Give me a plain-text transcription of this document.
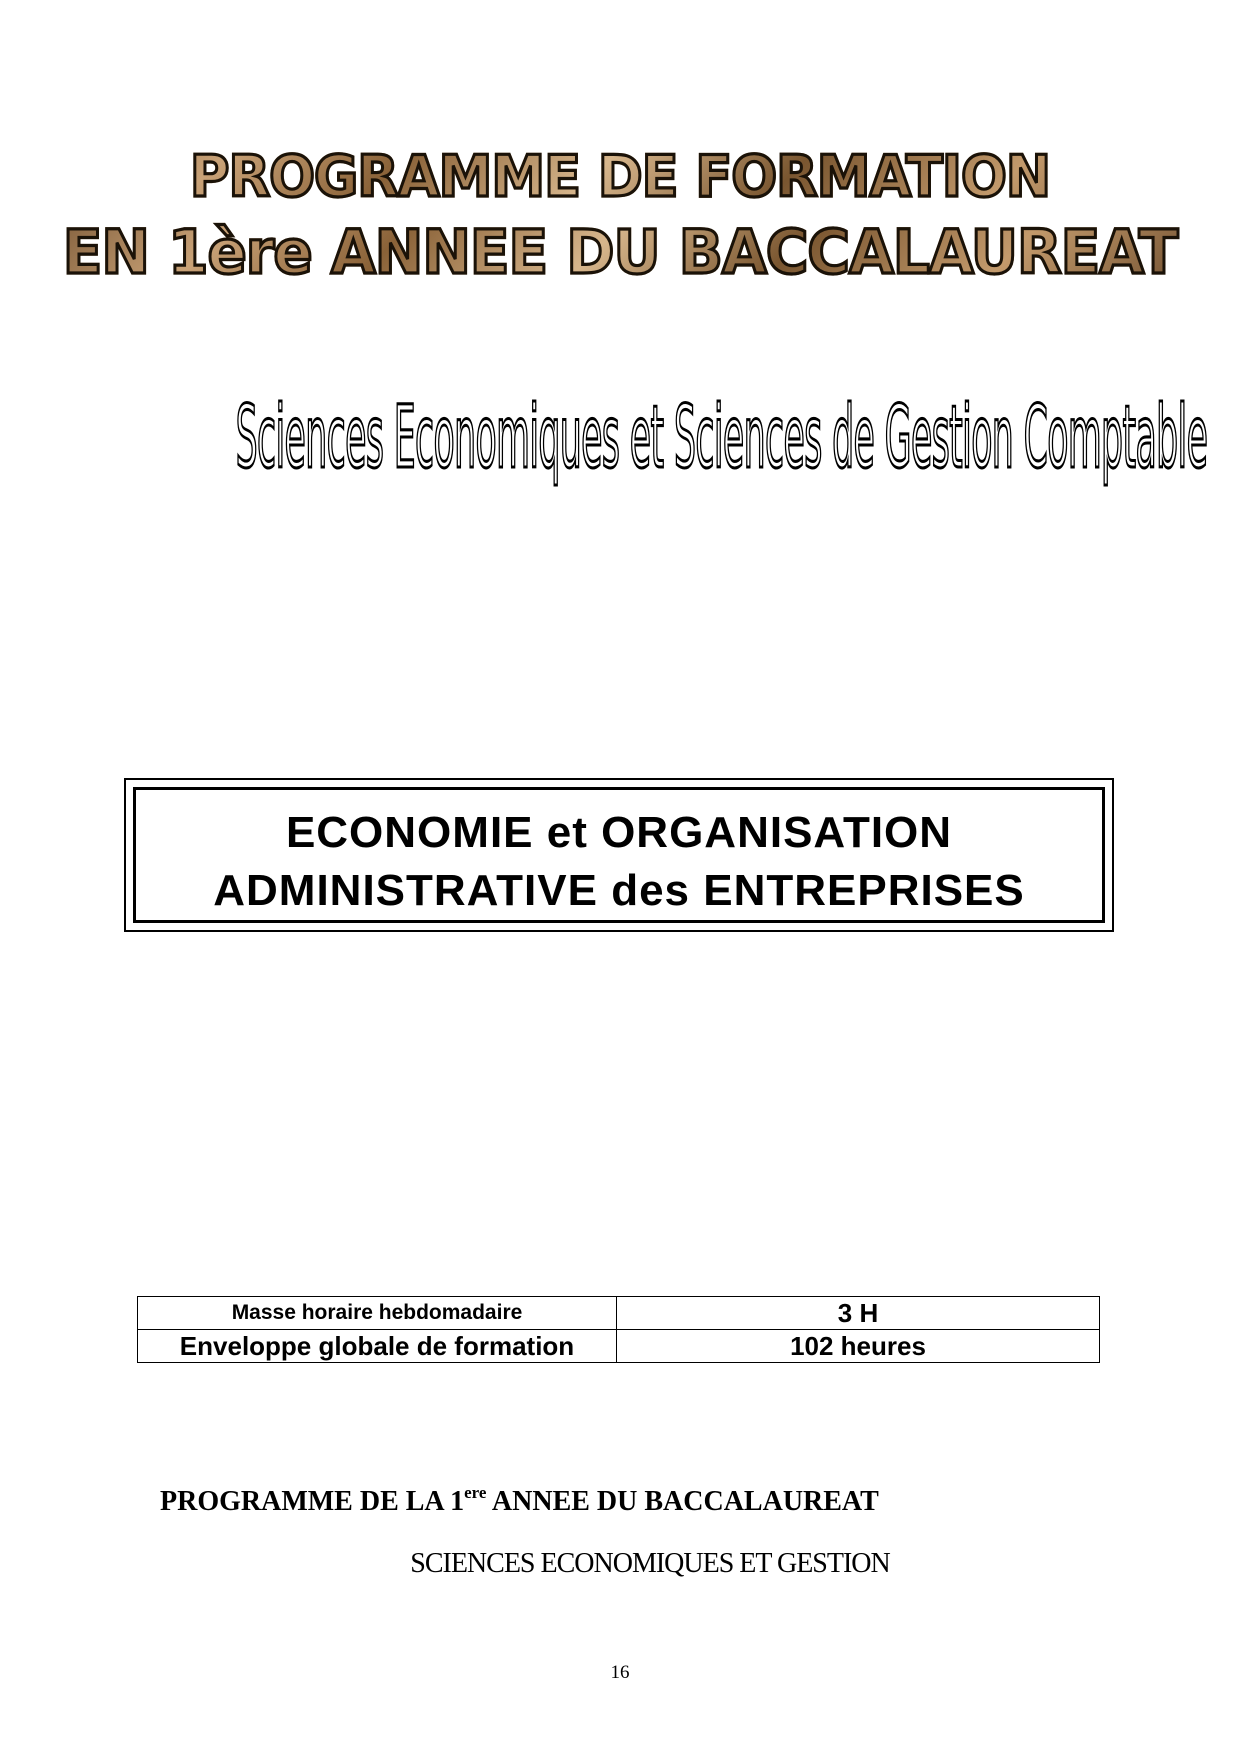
PROGRAMME DE FORMATION
EN 1ère ANNEE DU BACCALAUREAT
Sciences Economiques et Sciences de Gestion Comptable
ECONOMIE et ORGANISATION
ADMINISTRATIVE des ENTREPRISES
Masse horaire hebdomadaire	3 H
Enveloppe globale de formation	102 heures
PROGRAMME DE LA 1ere ANNEE DU BACCALAUREAT
SCIENCES ECONOMIQUES ET GESTION
16
